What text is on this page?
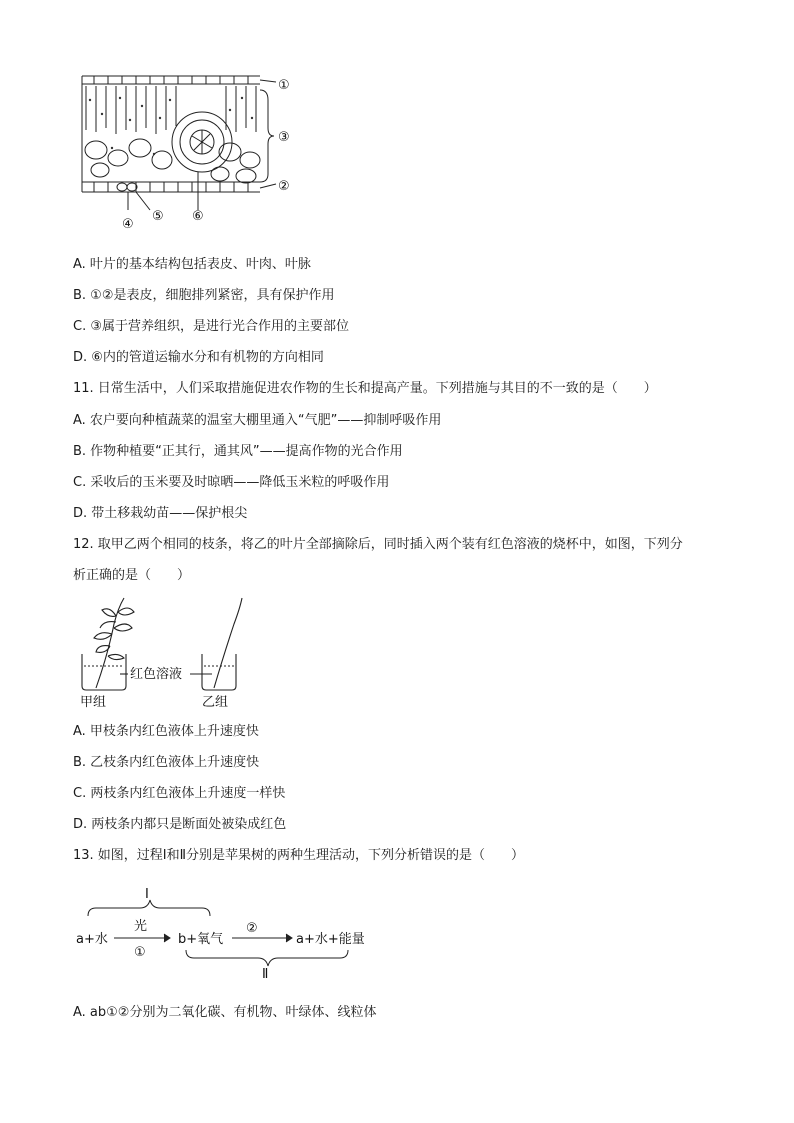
①
③
②
④
⑤ ⑥
A. 叶片的基本结构包括表皮、叶肉、叶脉
B. ①②是表皮，细胞排列紧密，具有保护作用
C. ③属于营养组织，是进行光合作用的主要部位
D. ⑥内的管道运输水分和有机物的方向相同
11. 日常生活中，人们采取措施促进农作物的生长和提高产量。下列措施与其目的不一致的是（　　）
A. 农户要向种植蔬菜的温室大棚里通入“气肥”——抑制呼吸作用
B. 作物种植要“正其行，通其风”——提高作物的光合作用
C. 采收后的玉米要及时晾晒——降低玉米粒的呼吸作用
D. 带土移栽幼苗——保护根尖
12. 取甲乙两个相同的枝条，将乙的叶片全部摘除后，同时插入两个装有红色溶液的烧杯中，如图，下列分
析正确的是（　　）
红色溶液
甲组	乙组
A. 甲枝条内红色液体上升速度快
B. 乙枝条内红色液体上升速度快
C. 两枝条内红色液体上升速度一样快
D. 两枝条内都只是断面处被染成红色
13. 如图，过程Ⅰ和Ⅱ分别是苹果树的两种生理活动，下列分析错误的是（　　）
Ⅰ
a+水
光
①
b+氧气
②
a+水+能量
Ⅱ
A. ab①②分别为二氧化碳、有机物、叶绿体、线粒体
